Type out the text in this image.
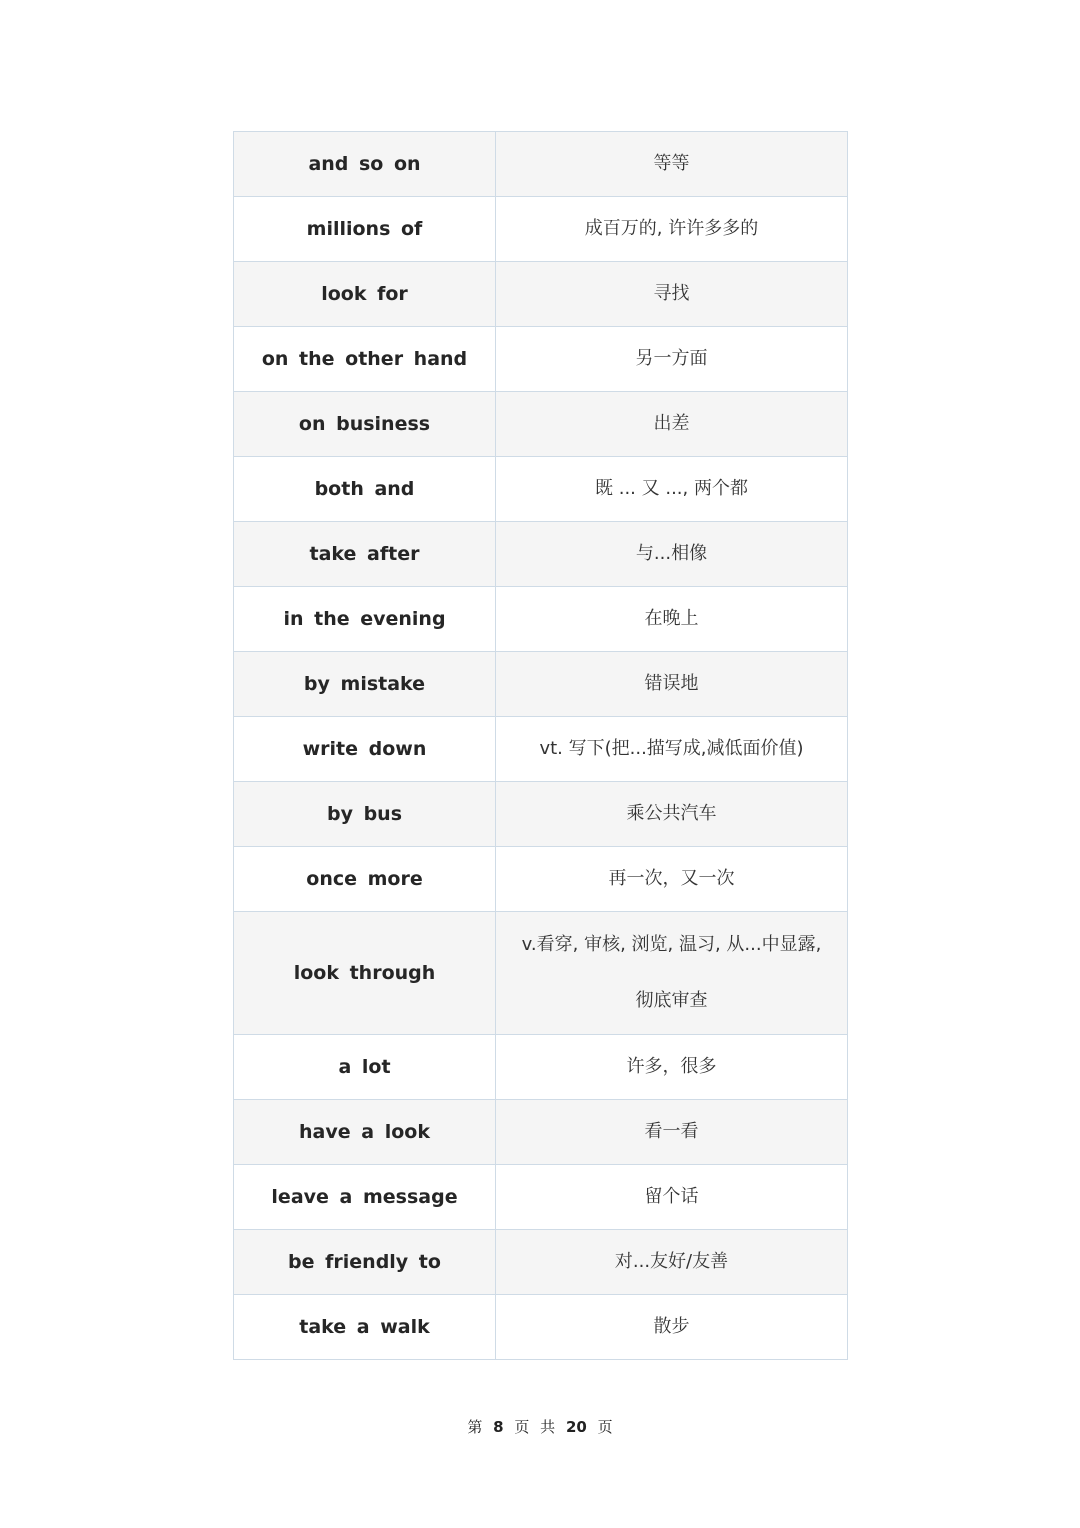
and so on	等等

millions of	成百万的, 许许多多的

look for	寻找

on the other hand	另一方面

on business	出差

both and	既 ... 又 ..., 两个都

take after	与...相像

in the evening	在晚上

by mistake	错误地

write down	vt. 写下(把...描写成,减低面价值)

by bus	乘公共汽车

once more	再一次，又一次

look through	v.看穿, 审核, 浏览, 温习, 从...中显露,
彻底审查

a lot	许多，很多

have a look	看一看

leave a message	留个话

be friendly to	对...友好/友善

take a walk	散步
第 8 页 共 20 页
